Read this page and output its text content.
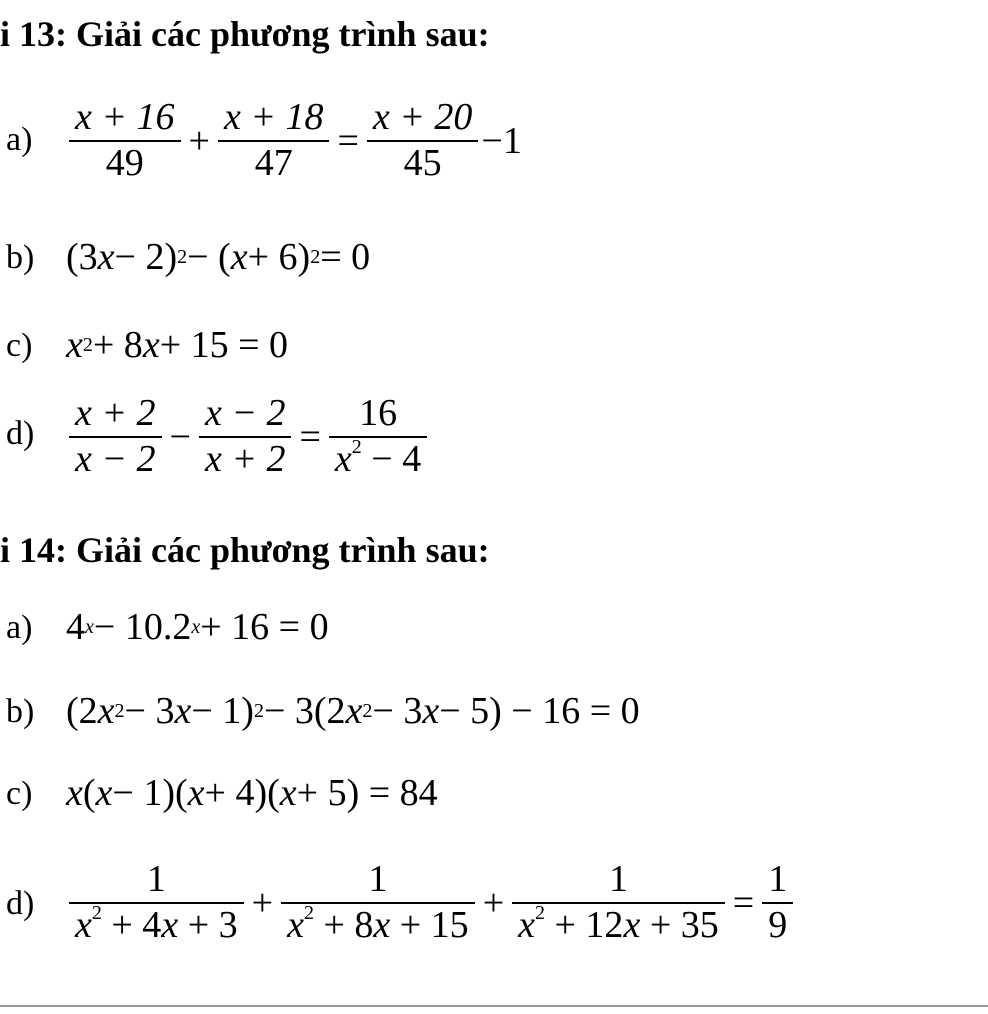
i 13: Giải các phương trình sau:
$a) \frac{x + 16}{49} + \frac{x + 18}{47} = \frac{x + 20}{45} -1$
b) (3 x − 2) 2 − ( x + 6) 2 = 0
c) x 2 + 8 x + 15 = 0
$d) \frac{x + 2}{x - 2} - \frac{x - 2}{x + 2} = \frac{16}{x^2 - 4}$
i 14: Giải các phương trình sau:
a) 4 x − 10.2 x + 16 = 0
b) (2 x 2 − 3 x − 1) 2 − 3(2 x 2 − 3 x − 5) − 16 = 0
c) x ( x − 1)( x + 4)( x + 5) = 84
$d) \frac{1}{x^2 + 4x + 3} + \frac{1}{x^2 + 8x + 15} + \frac{1}{x^2 + 12x + 35} = \frac{1}{9}$
